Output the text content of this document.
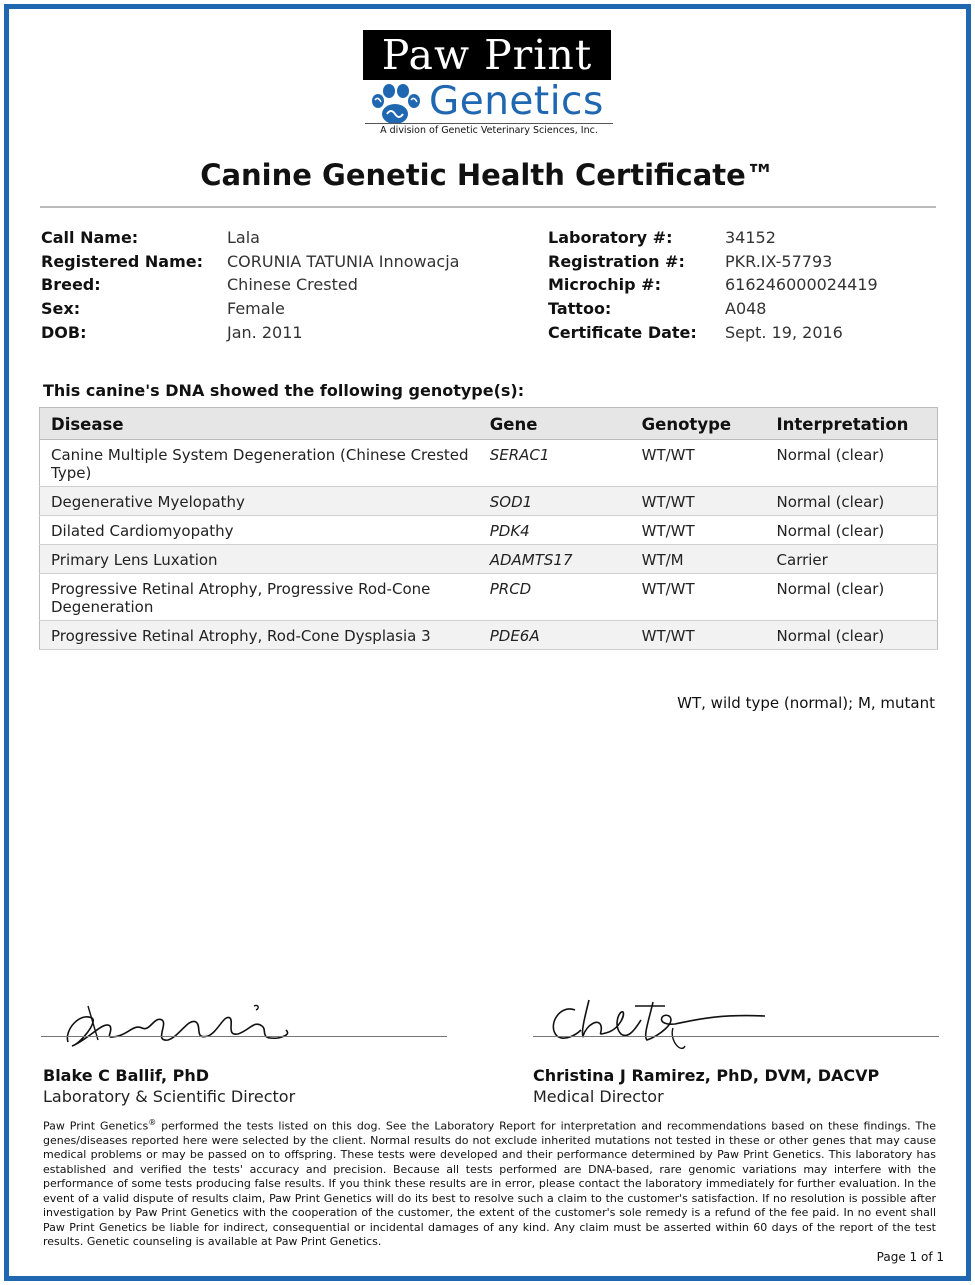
Paw Print
Genetics
A division of Genetic Veterinary Sciences, Inc.
Canine Genetic Health Certificate™
Call Name:	Lala
Registered Name:	CORUNIA TATUNIA Innowacja
Breed:	Chinese Crested
Sex:	Female
DOB:	Jan. 2011
Laboratory #:	34152
Registration #:	PKR.IX-57793
Microchip #:	616246000024419
Tattoo:	A048
Certificate Date:	Sept. 19, 2016
This canine's DNA showed the following genotype(s):
Disease	Gene	Genotype	Interpretation
Canine Multiple System Degeneration (Chinese Crested Type)	SERAC1	WT/WT	Normal (clear)
Degenerative Myelopathy	SOD1	WT/WT	Normal (clear)
Dilated Cardiomyopathy	PDK4	WT/WT	Normal (clear)
Primary Lens Luxation	ADAMTS17	WT/M	Carrier
Progressive Retinal Atrophy, Progressive Rod-Cone Degeneration	PRCD	WT/WT	Normal (clear)
Progressive Retinal Atrophy, Rod-Cone Dysplasia 3	PDE6A	WT/WT	Normal (clear)
WT, wild type (normal); M, mutant
Blake C Ballif, PhD
Laboratory & Scientific Director
Christina J Ramirez, PhD, DVM, DACVP
Medical Director
Paw Print Genetics® performed the tests listed on this dog. See the Laboratory Report for interpretation and recommendations based on these findings. The genes/diseases reported here were selected by the client. Normal results do not exclude inherited mutations not tested in these or other genes that may cause medical problems or may be passed on to offspring. These tests were developed and their performance determined by Paw Print Genetics. This laboratory has established and verified the tests' accuracy and precision. Because all tests performed are DNA-based, rare genomic variations may interfere with the performance of some tests producing false results. If you think these results are in error, please contact the laboratory immediately for further evaluation. In the event of a valid dispute of results claim, Paw Print Genetics will do its best to resolve such a claim to the customer's satisfaction. If no resolution is possible after investigation by Paw Print Genetics with the cooperation of the customer, the extent of the customer's sole remedy is a refund of the fee paid. In no event shall Paw Print Genetics be liable for indirect, consequential or incidental damages of any kind. Any claim must be asserted within 60 days of the report of the test results. Genetic counseling is available at Paw Print Genetics.
Page 1 of 1
